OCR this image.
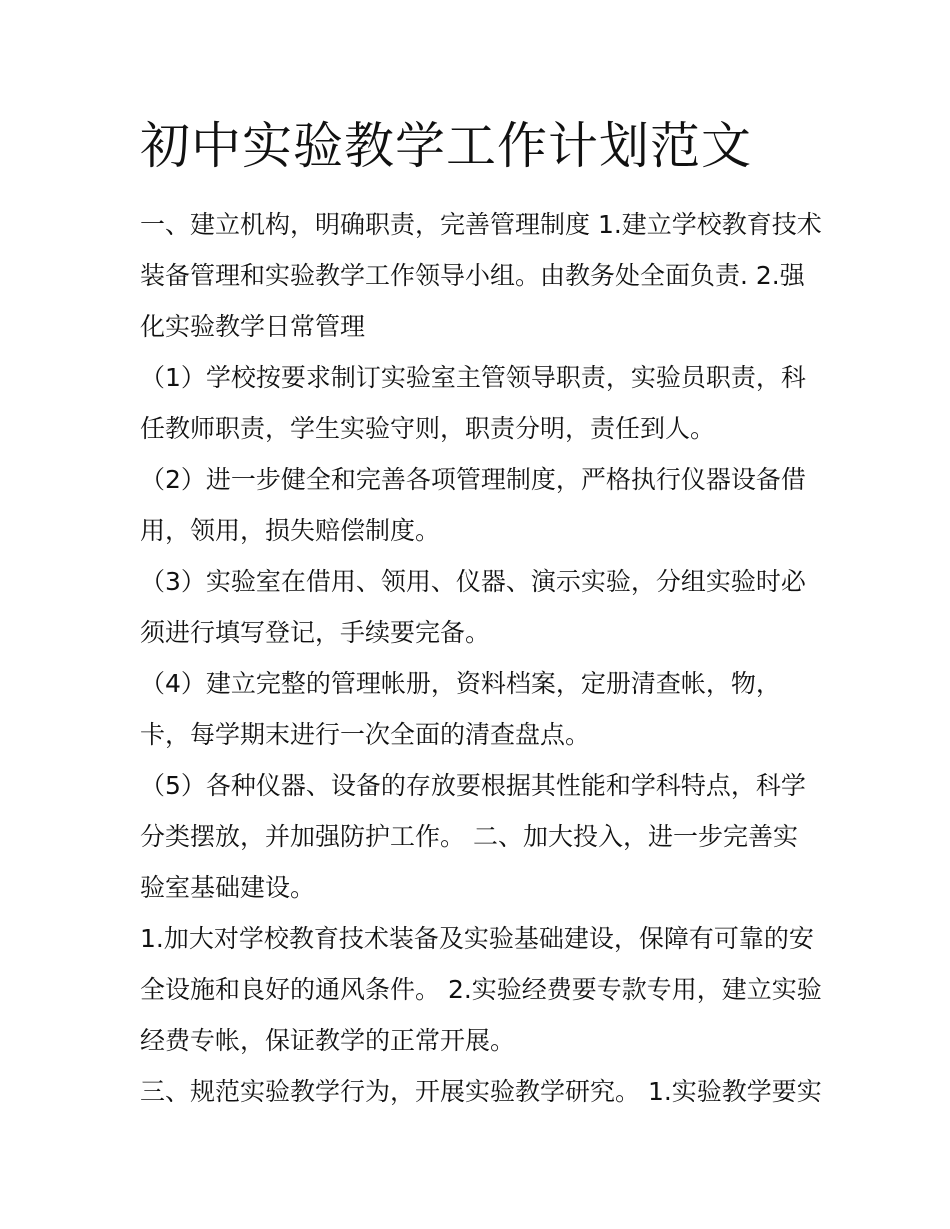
初中实验教学工作计划范文
一、建立机构，明确职责，完善管理制度 1.建立学校教育技术
装备管理和实验教学工作领导小组。由教务处全面负责. 2.强
化实验教学日常管理
（1）学校按要求制订实验室主管领导职责，实验员职责，科
任教师职责，学生实验守则，职责分明，责任到人。
（2）进一步健全和完善各项管理制度，严格执行仪器设备借
用，领用，损失赔偿制度。
（3）实验室在借用、领用、仪器、演示实验，分组实验时必
须进行填写登记，手续要完备。
（4）建立完整的管理帐册，资料档案，定册清查帐，物，
卡，每学期末进行一次全面的清查盘点。
（5）各种仪器、设备的存放要根据其性能和学科特点，科学
分类摆放，并加强防护工作。 二、加大投入，进一步完善实
验室基础建设。
1.加大对学校教育技术装备及实验基础建设，保障有可靠的安
全设施和良好的通风条件。 2.实验经费要专款专用，建立实验
经费专帐，保证教学的正常开展。
三、规范实验教学行为，开展实验教学研究。 1.实验教学要实
